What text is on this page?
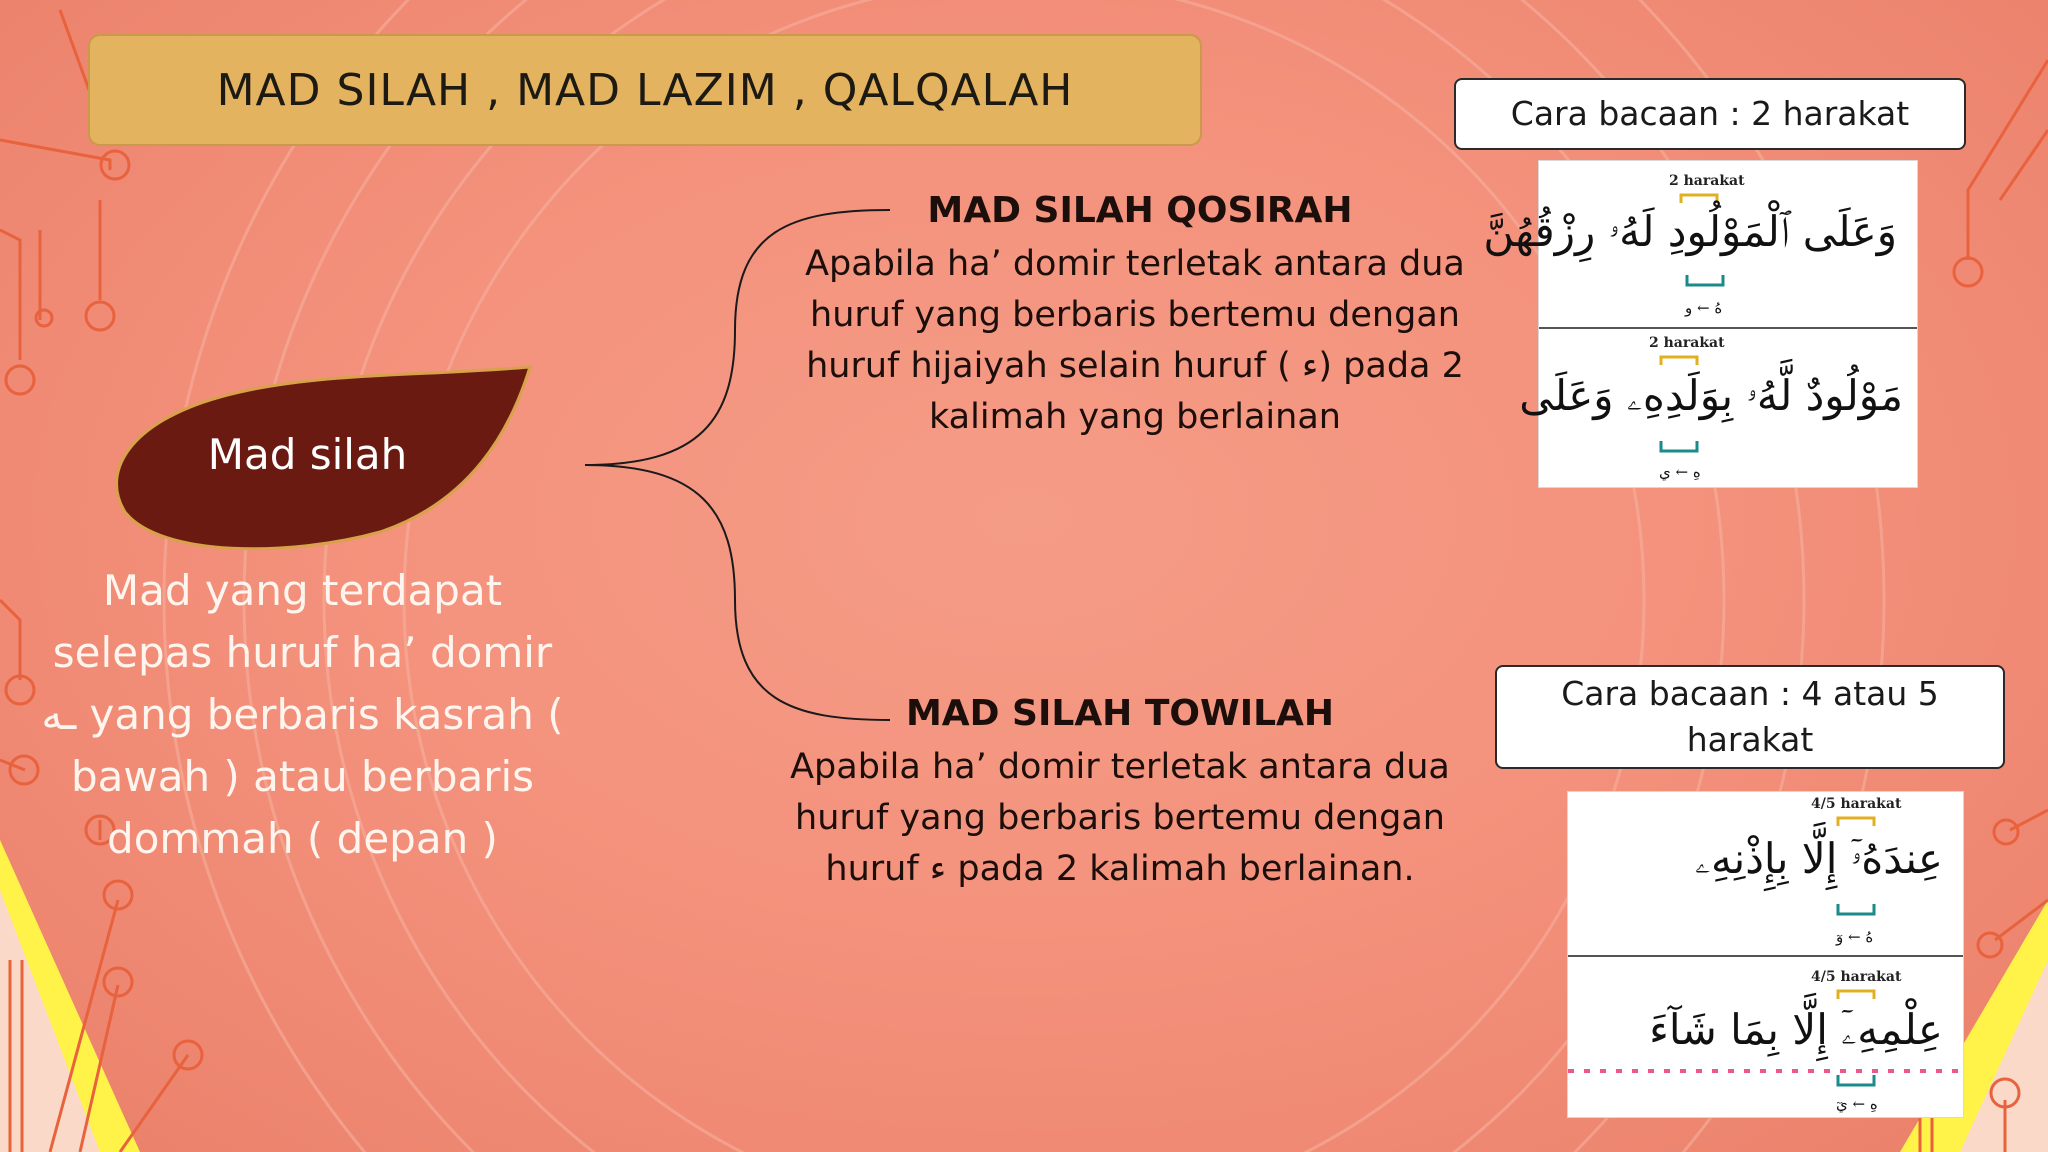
MAD SILAH , MAD LAZIM , QALQALAH
Mad silah
Mad yang terdapat selepas huruf ha’ domir ـه yang berbaris kasrah ( bawah ) atau berbaris dommah ( depan )
MAD SILAH QOSIRAH
Apabila ha’ domir terletak antara dua
huruf yang berbaris bertemu dengan
huruf hijaiyah selain huruf ( ء) pada 2
kalimah yang berlainan
Cara bacaan : 2 harakat
2 harakat
وَعَلَى ٱلْمَوْلُودِ لَهُۥ رِزْقُهُنَّ
هُ ← و
2 harakat
مَوْلُودٌ لَّهُۥ بِوَلَدِهِۦ وَعَلَى
هِ ← ي
MAD SILAH TOWILAH
Apabila ha’ domir terletak antara dua
huruf yang berbaris bertemu dengan
huruf ء pada 2 kalimah berlainan.
Cara bacaan : 4 atau 5
harakat
4/5 harakat
عِندَهُۥٓ إِلَّا بِإِذْنِهِۦ
هُ ← وٓ
4/5 harakat
عِلْمِهِۦٓ إِلَّا بِمَا شَآءَ
هِ ← يٓ
